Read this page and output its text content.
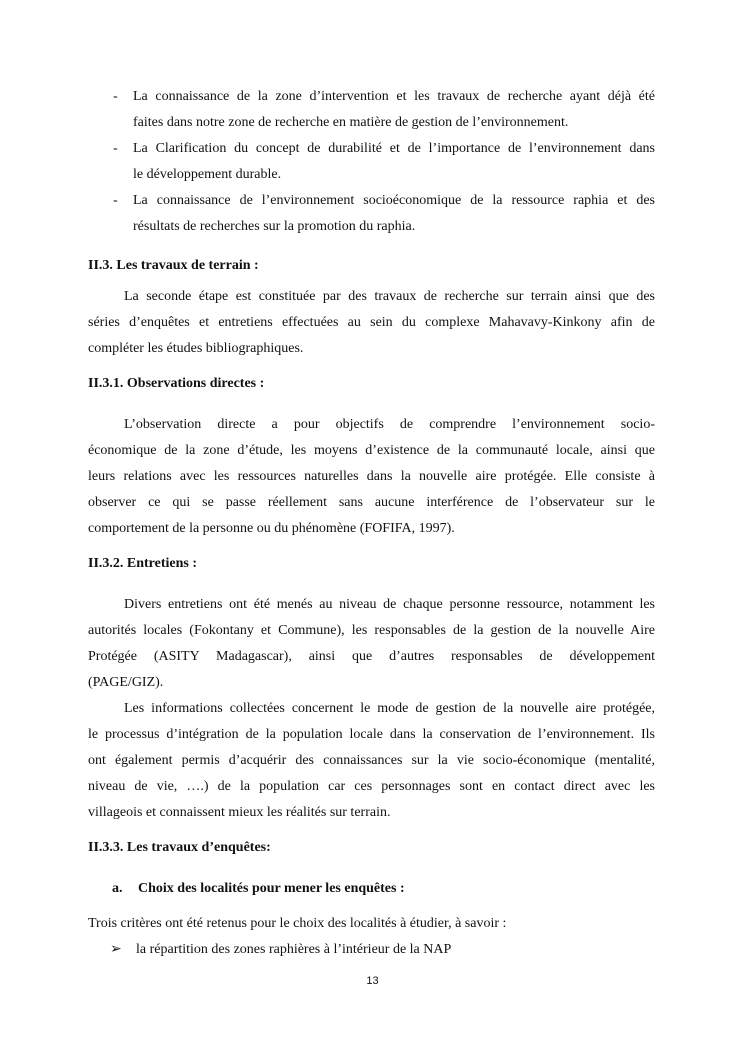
- La connaissance de la zone d’intervention et les travaux de recherche ayant déjà été
faites dans notre zone de recherche en matière de gestion de l’environnement.
- La Clarification du concept de durabilité et de l’importance de l’environnement dans
le développement durable.
- La connaissance de l’environnement socioéconomique de la ressource raphia et des
résultats de recherches sur la promotion du raphia.
II.3. Les travaux de terrain :
La seconde étape est constituée par des travaux de recherche sur terrain ainsi que des
séries d’enquêtes et entretiens effectuées au sein du complexe Mahavavy-Kinkony afin de
compléter les études bibliographiques.
II.3.1. Observations directes :
L’observation directe a pour objectifs de comprendre l’environnement socio-
économique de la zone d’étude, les moyens d’existence de la communauté locale, ainsi que
leurs relations avec les ressources naturelles dans la nouvelle aire protégée. Elle consiste à
observer ce qui se passe réellement sans aucune interférence de l’observateur sur le
comportement de la personne ou du phénomène (FOFIFA, 1997).
II.3.2. Entretiens :
Divers entretiens ont été menés au niveau de chaque personne ressource, notamment les
autorités locales (Fokontany et Commune), les responsables de la gestion de la nouvelle Aire
Protégée (ASITY Madagascar), ainsi que d’autres responsables de développement
(PAGE/GIZ).
Les informations collectées concernent le mode de gestion de la nouvelle aire protégée,
le processus d’intégration de la population locale dans la conservation de l’environnement. Ils
ont également permis d’acquérir des connaissances sur la vie socio-économique (mentalité,
niveau de vie, ….) de la population car ces personnages sont en contact direct avec les
villageois et connaissent mieux les réalités sur terrain.
II.3.3. Les travaux d’enquêtes:
a. Choix des localités pour mener les enquêtes :
Trois critères ont été retenus pour le choix des localités à étudier, à savoir :
➢ la répartition des zones raphières à l’intérieur de la NAP
13
